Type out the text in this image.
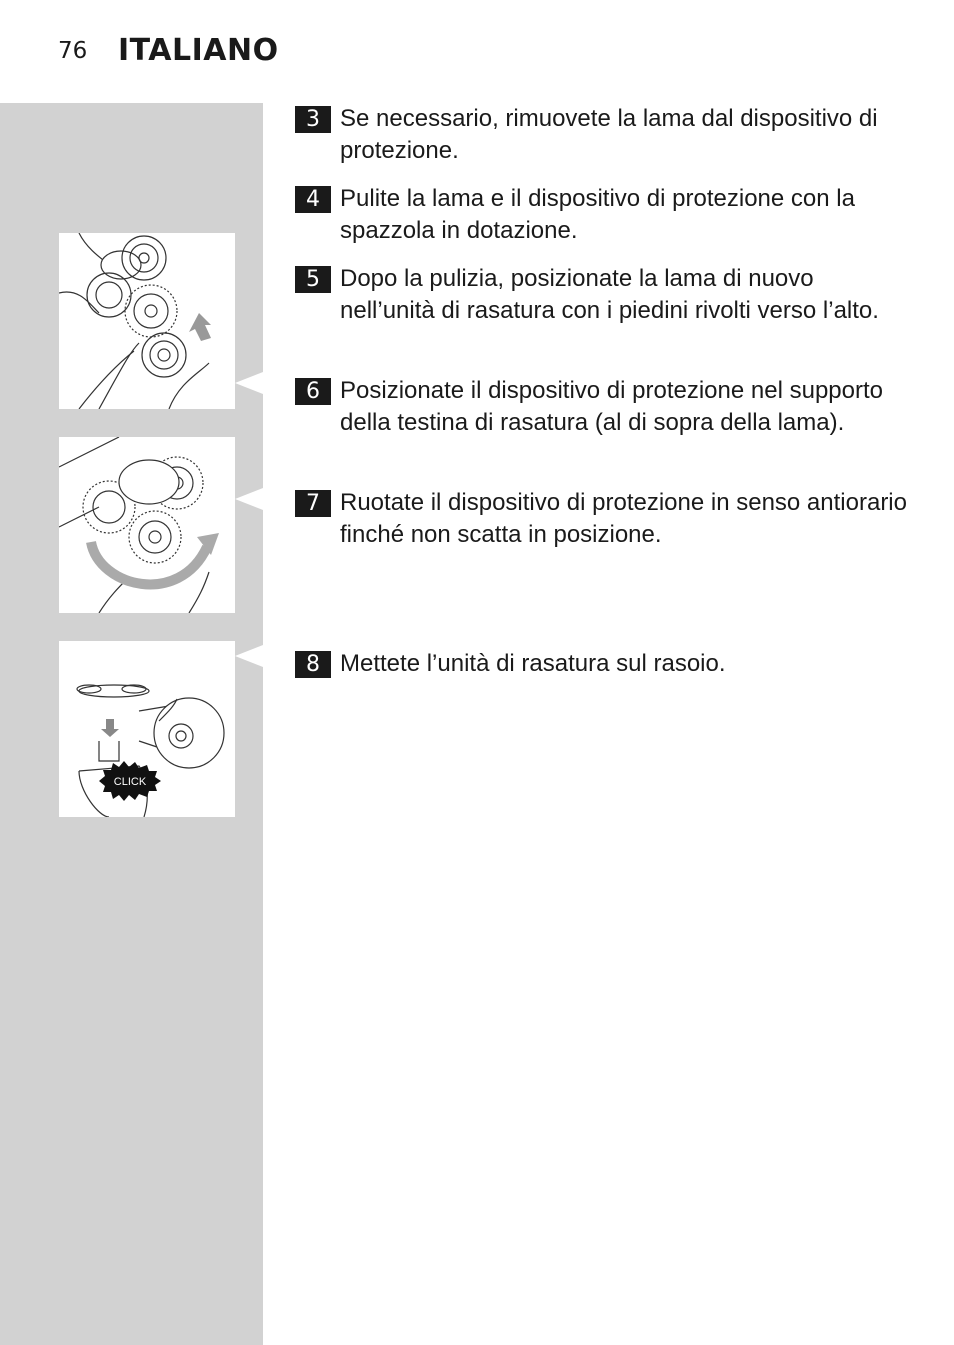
76 ITALIANO
CLICK
3 Se necessario, rimuovete la lama dal dispositivo di protezione.
4 Pulite la lama e il dispositivo di protezione con la spazzola in dotazione.
5 Dopo la pulizia, posizionate la lama di nuovo nell’unità di rasatura con i piedini rivolti verso l’alto.
6 Posizionate il dispositivo di protezione nel supporto della testina di rasatura (al di sopra della lama).
7 Ruotate il dispositivo di protezione in senso antiorario finché non scatta in posizione.
8 Mettete l’unità di rasatura sul rasoio.
